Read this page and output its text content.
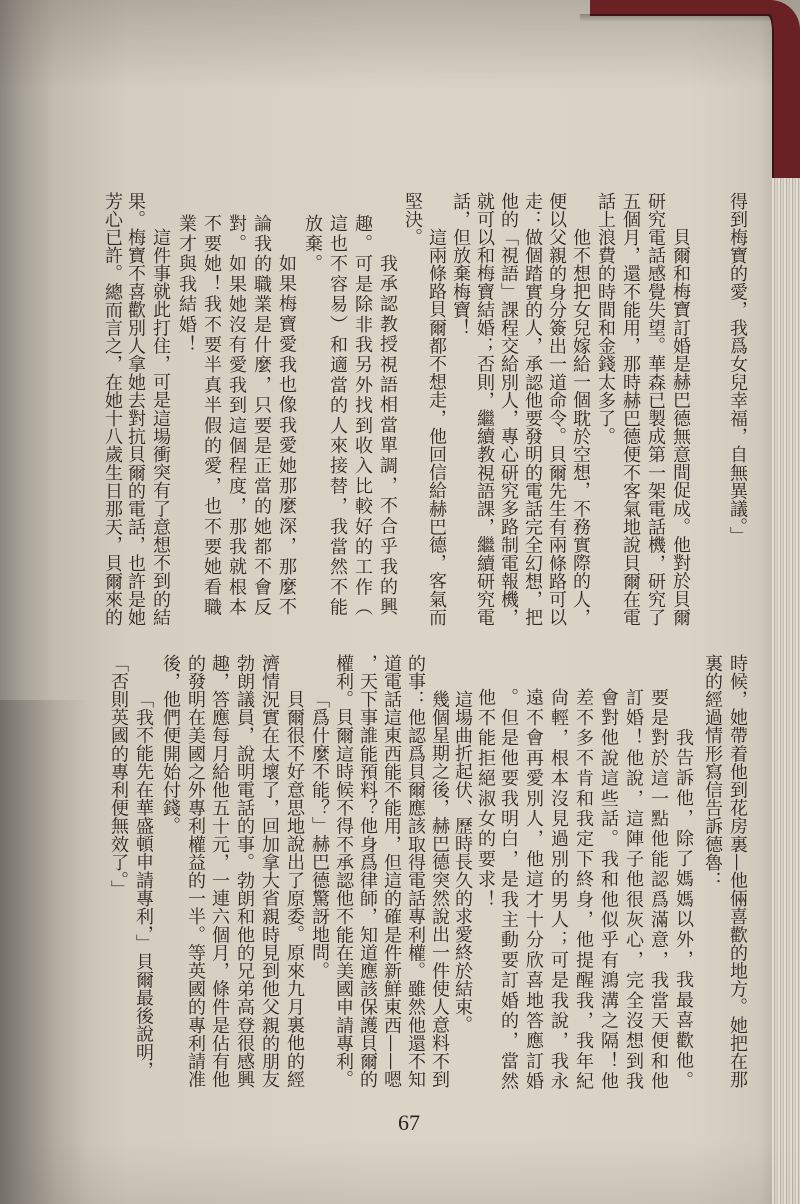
得到梅寶的愛，我爲女兒幸福，自無異議。」
貝爾和梅寶訂婚是赫巴德無意間促成。他對於貝爾
研究電話感覺失望。華森已製成第一架電話機，研究了
五個月，還不能用，那時赫巴德便不客氣地說貝爾在電
話上浪費的時間和金錢太多了。
他不想把女兒嫁給一個耽於空想，不務實際的人，
便以父親的身分簽出一道命令。貝爾先生有兩條路可以
走：做個踏實的人，承認他要發明的電話完全幻想，把
他的「視語」課程交給別人，專心研究多路制電報機，
就可以和梅寶結婚；否則，繼續教視語課，繼續研究電
話，但放棄梅寶！
這兩條路貝爾都不想走，他回信給赫巴德，客氣而
堅決。
我承認教授視語相當單調，不合乎我的興
趣。可是除非我另外找到收入比較好的工作（
這也不容易）和適當的人來接替，我當然不能
放棄。
如果梅寶愛我也像我愛她那麼深，那麼不
論我的職業是什麼，只要是正當的她都不會反
對。如果她沒有愛我到這個程度，那我就根本
不要她！我不要半真半假的愛，也不要她看職
業才與我結婚！
這件事就此打住，可是這場衝突有了意想不到的結
果。梅寶不喜歡別人拿她去對抗貝爾的電話，也許是她
芳心已許。總而言之，在她十八歲生日那天，貝爾來的
時候，她帶着他到花房裏—他倆喜歡的地方。她把在那
裏的經過情形寫信告訴德魯：
我告訴他，除了媽媽以外，我最喜歡他。
要是對於這一點他能認爲滿意，我當天便和他
訂婚！他說，這陣子他很灰心，完全沒想到我
會對他說這些話。我和他似乎有鴻溝之隔！他
差不多不肯和我定下終身，他提醒我，我年紀
尙輕，根本沒見過別的男人；可是我說，我永
遠不會再愛別人，他這才十分欣喜地答應訂婚
。但是他要我明白，是我主動要訂婚的，當然
他不能拒絕淑女的要求！
這場曲折起伏、歷時長久的求愛終於結束。
幾個星期之後，赫巴德突然說出一件使人意料不到
的事：他認爲貝爾應該取得電話專利權。雖然他還不知
道電話這東西能不能用，但這的確是件新鮮東西——嗯
，天下事誰能預料？他身爲律師，知道應該保護貝爾的
權利。貝爾這時候不得不承認他不能在美國申請專利。
「爲什麼不能？」赫巴德驚訝地問。
貝爾很不好意思地說出了原委。原來九月裏他的經
濟情況實在太壞了，回加拿大省親時見到他父親的朋友
勃朗議員，說明電話的事。勃朗和他的兄弟高登很感興
趣，答應每月給他五十元，一連六個月，條件是佔有他
的發明在美國之外專利權益的一半。等英國的專利請准
後，他們便開始付錢。
「我不能先在華盛頓申請專利，」貝爾最後說明，
「否則英國的專利便無效了。」
67
